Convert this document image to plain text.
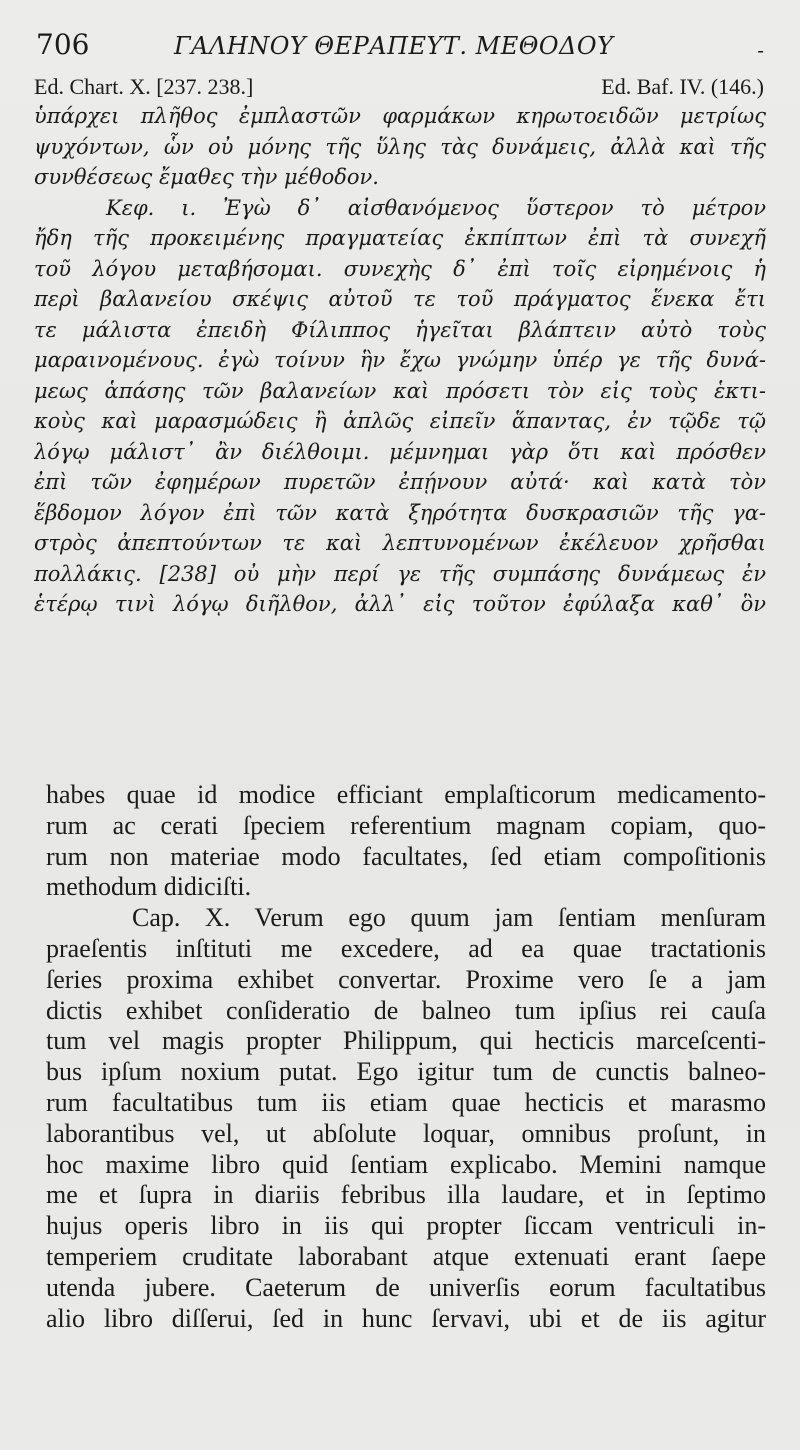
706	ΓΑΛΗΝΟΥ ΘΕΡΑΠΕΥΤ. ΜΕΘΟΔΟΥ	-
Ed. Chart. X. [237. 238.]	Ed. Baf. IV. (146.)
ὑπάρχει πλῆθος ἐμπλαστῶν φαρμάκων κηρωτοειδῶν μετρίως
ψυχόντων, ὧν οὐ μόνης τῆς ὕλης τὰς δυνάμεις, ἀλλὰ καὶ τῆς
συνθέσεως ἔμαθες τὴν μέθοδον.
Κεφ. ι. Ἐγὼ δ᾽ αἰσθανόμενος ὕστερον τὸ μέτρον
ἤδη τῆς προκειμένης πραγματείας ἐκπίπτων ἐπὶ τὰ συνεχῆ
τοῦ λόγου μεταβήσομαι. συνεχὴς δ᾽ ἐπὶ τοῖς εἰρημένοις ἡ
περὶ βαλανείου σκέψις αὐτοῦ τε τοῦ πράγματος ἕνεκα ἔτι
τε μάλιστα ἐπειδὴ Φίλιππος ἡγεῖται βλάπτειν αὐτὸ τοὺς
μαραινομένους. ἐγὼ τοίνυν ἣν ἔχω γνώμην ὑπέρ γε τῆς δυνά-
μεως ἁπάσης τῶν βαλανείων καὶ πρόσετι τὸν εἰς τοὺς ἑκτι-
κοὺς καὶ μαρασμώδεις ἢ ἁπλῶς εἰπεῖν ἅπαντας, ἐν τῷδε τῷ
λόγῳ μάλιστ᾽ ἂν διέλθοιμι. μέμνημαι γὰρ ὅτι καὶ πρόσθεν
ἐπὶ τῶν ἐφημέρων πυρετῶν ἐπῄνουν αὐτά· καὶ κατὰ τὸν
ἕβδομον λόγον ἐπὶ τῶν κατὰ ξηρότητα δυσκρασιῶν τῆς γα-
στρὸς ἀπεπτούντων τε καὶ λεπτυνομένων ἐκέλευον χρῆσθαι
πολλάκις. [238] οὐ μὴν περί γε τῆς συμπάσης δυνάμεως ἐν
ἑτέρῳ τινὶ λόγῳ διῆλθον, ἀλλ᾽ εἰς τοῦτον ἐφύλαξα καθ᾽ ὃν
habes quae id modice efficiant emplaſticorum medicamento-
rum ac cerati ſpeciem referentium magnam copiam, quo-
rum non materiae modo facultates, ſed etiam compoſitionis
methodum didiciſti.
Cap. X. Verum ego quum jam ſentiam menſuram
praeſentis inſtituti me excedere, ad ea quae tractationis
ſeries proxima exhibet convertar. Proxime vero ſe a jam
dictis exhibet conſideratio de balneo tum ipſius rei cauſa
tum vel magis propter Philippum, qui hecticis marceſcenti-
bus ipſum noxium putat. Ego igitur tum de cunctis balneo-
rum facultatibus tum iis etiam quae hecticis et marasmo
laborantibus vel, ut abſolute loquar, omnibus proſunt, in
hoc maxime libro quid ſentiam explicabo. Memini namque
me et ſupra in diariis febribus illa laudare, et in ſeptimo
hujus operis libro in iis qui propter ſiccam ventriculi in-
temperiem cruditate laborabant atque extenuati erant ſaepe
utenda jubere. Caeterum de univerſis eorum facultatibus
alio libro diſſerui, ſed in hunc ſervavi, ubi et de iis agitur
